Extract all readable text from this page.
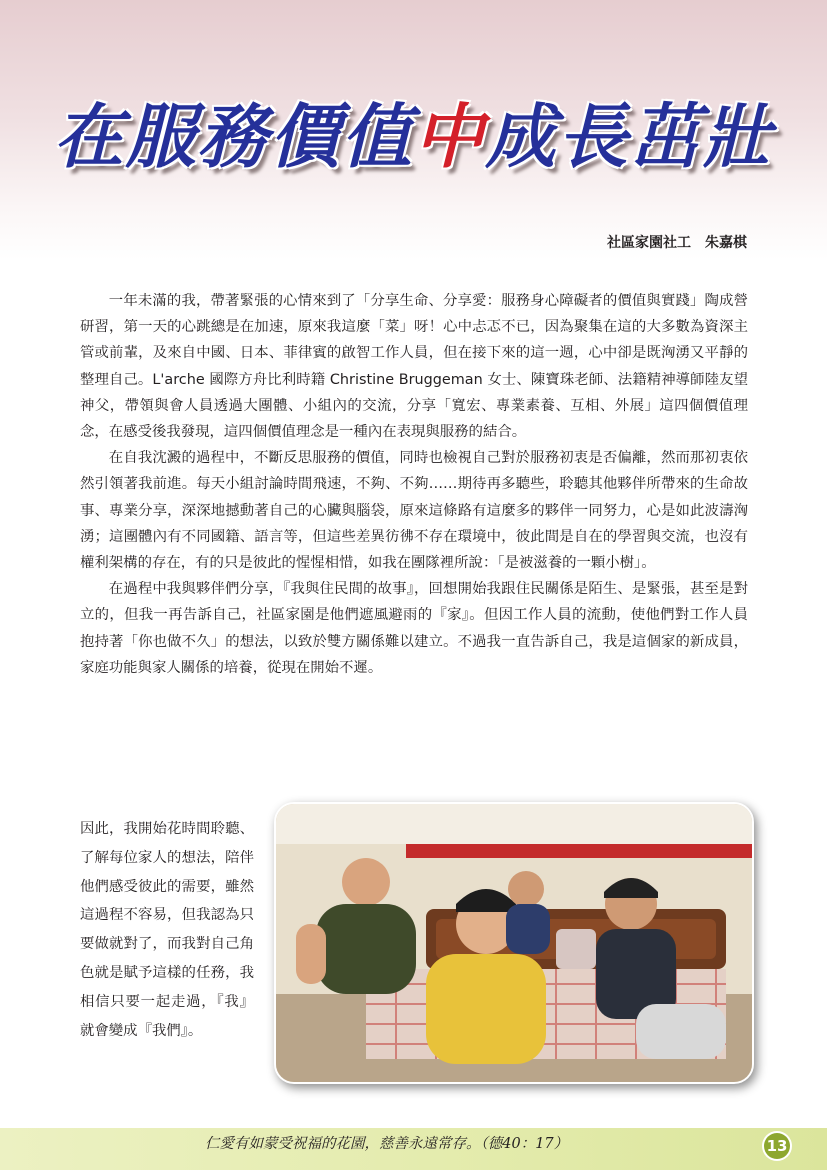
在服務價值中成長茁壯
社區家園社工 朱嘉棋

一年未滿的我，帶著緊張的心情來到了「分享生命、分享愛：服務身心障礙者的價值與實踐」陶成營研習，第一天的心跳總是在加速，原來我這麼「菜」呀！心中忐忑不已，因為聚集在這的大多數為資深主管或前輩，及來自中國、日本、菲律賓的啟智工作人員，但在接下來的這一週，心中卻是既洶湧又平靜的整理自己。L'arche 國際方舟比利時籍 Christine Bruggeman 女士、陳寶珠老師、法籍精神導師陸友望神父，帶領與會人員透過大團體、小組內的交流，分享「寬宏、專業素養、互相、外展」這四個價值理念，在感受後我發現，這四個價值理念是一種內在表現與服務的結合。

在自我沈澱的過程中，不斷反思服務的價值，同時也檢視自己對於服務初衷是否偏離，然而那初衷依然引領著我前進。每天小組討論時間飛速，不夠、不夠……期待再多聽些，聆聽其他夥伴所帶來的生命故事、專業分享，深深地撼動著自己的心臟與腦袋，原來這條路有這麼多的夥伴一同努力，心是如此波濤洶湧；這團體內有不同國籍、語言等，但這些差異彷彿不存在環境中，彼此間是自在的學習與交流，也沒有權利架構的存在，有的只是彼此的惺惺相惜，如我在團隊裡所說：「是被滋養的一顆小樹」。

在過程中我與夥伴們分享，『我與住民間的故事』，回想開始我跟住民關係是陌生、是緊張，甚至是對立的，但我一再告訴自己，社區家園是他們遮風避雨的『家』。但因工作人員的流動，使他們對工作人員抱持著「你也做不久」的想法，以致於雙方關係難以建立。不過我一直告訴自己，我是這個家的新成員，家庭功能與家人關係的培養，從現在開始不遲。

因此，我開始花時間聆聽、了解每位家人的想法，陪伴他們感受彼此的需要，雖然這過程不容易，但我認為只要做就對了，而我對自己角色就是賦予這樣的任務，我相信只要一起走過，『我』就會變成『我們』。
仁愛有如蒙受祝福的花園，慈善永遠常存。（德40：17）	13
